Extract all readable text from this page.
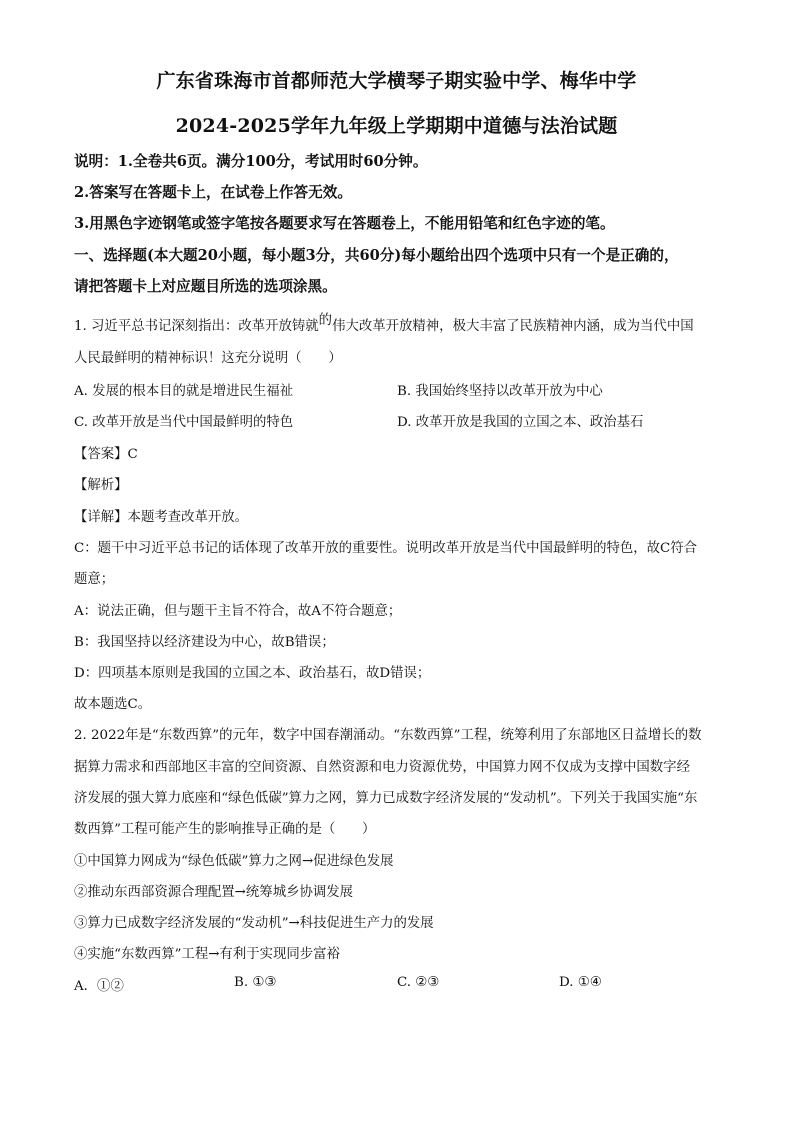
广东省珠海市首都师范大学横琴子期实验中学、梅华中学
2024-2025学年九年级上学期期中道德与法治试题
说明：1.全卷共6页。满分100分，考试用时60分钟。
2.答案写在答题卡上，在试卷上作答无效。
3.用黑色字迹钢笔或签字笔按各题要求写在答题卷上，不能用铅笔和红色字迹的笔。
一、选择题(本大题20小题，每小题3分，共60分)每小题给出四个选项中只有一个是正确的，
请把答题卡上对应题目所选的选项涂黑。
1. 习近平总书记深刻指出：改革开放铸就的伟大改革开放精神，极大丰富了民族精神内涵，成为当代中国
人民最鲜明的精神标识！这充分说明（　　）
A. 发展的根本目的就是增进民生福祉	B. 我国始终坚持以改革开放为中心
C. 改革开放是当代中国最鲜明的特色	D. 改革开放是我国的立国之本、政治基石
【答案】C
【解析】
【详解】本题考查改革开放。
C：题干中习近平总书记的话体现了改革开放的重要性。说明改革开放是当代中国最鲜明的特色，故C符合
题意；
A：说法正确，但与题干主旨不符合，故A不符合题意；
B：我国坚持以经济建设为中心，故B错误；
D：四项基本原则是我国的立国之本、政治基石，故D错误；
故本题选C。
2. 2022年是“东数西算”的元年，数字中国春潮涌动。“东数西算”工程，统筹利用了东部地区日益增长的数
据算力需求和西部地区丰富的空间资源、自然资源和电力资源优势，中国算力网不仅成为支撑中国数字经
济发展的强大算力底座和“绿色低碳”算力之网，算力已成数字经济发展的“发动机”。下列关于我国实施“东
数西算”工程可能产生的影响推导正确的是（　　）
①中国算力网成为“绿色低碳”算力之网→促进绿色发展
②推动东西部资源合理配置→统筹城乡协调发展
③算力已成数字经济发展的“发动机”→科技促进生产力的发展
④实施“东数西算”工程→有利于实现同步富裕
A．①②	B. ①③	C. ②③	D. ①④
